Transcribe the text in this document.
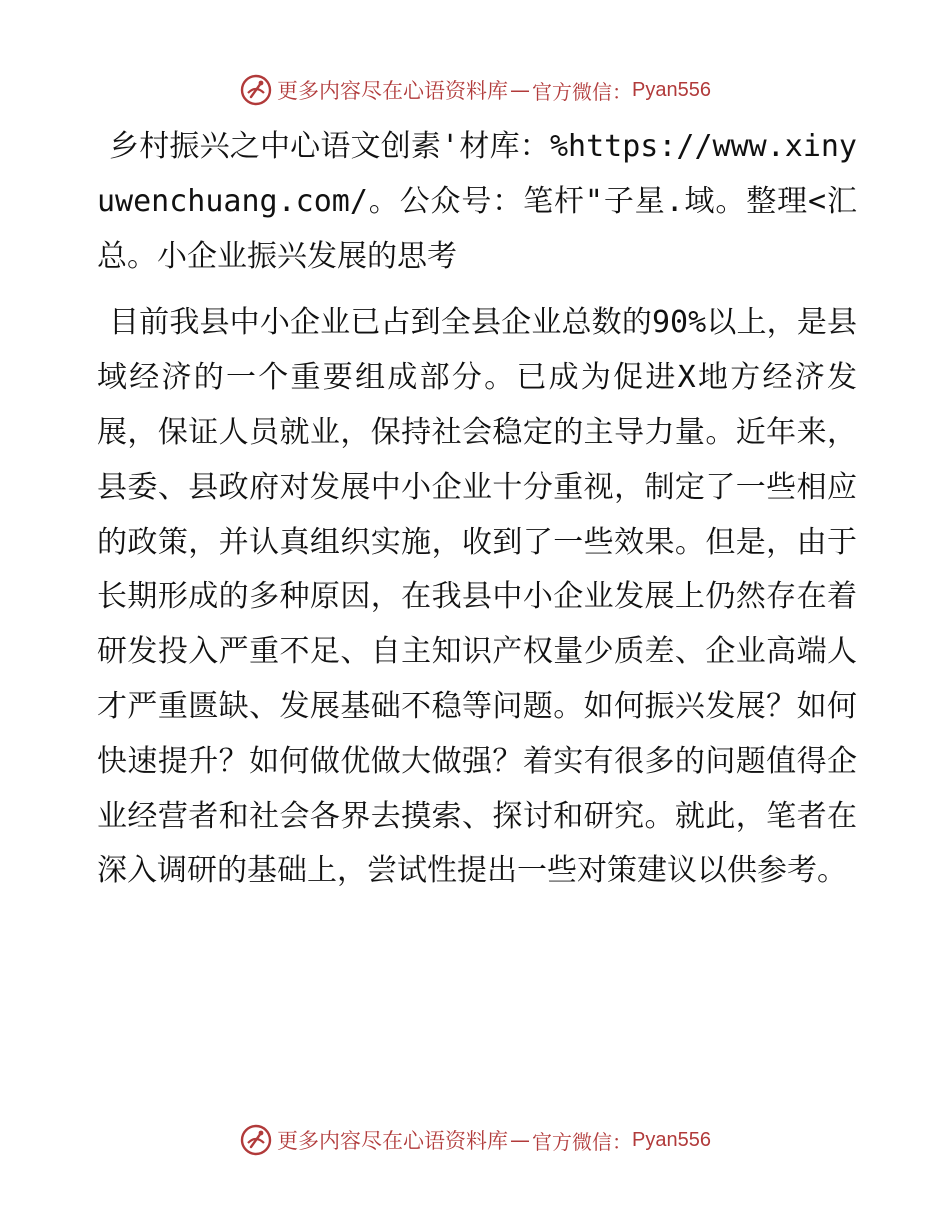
更多内容尽在心语资料库 — 官方微信： Pyan556

乡村振兴之中心语文创素'材库：%https://www.xinyuwenchuang.com/。公众号：笔杆"子星.域。整理<汇总。小企业振兴发展的思考

目前我县中小企业已占到全县企业总数的90%以上，是县域经济的一个重要组成部分。已成为促进X地方经济发展，保证人员就业，保持社会稳定的主导力量。近年来，县委、县政府对发展中小企业十分重视，制定了一些相应的政策，并认真组织实施，收到了一些效果。但是，由于长期形成的多种原因，在我县中小企业发展上仍然存在着研发投入严重不足、自主知识产权量少质差、企业高端人才严重匮缺、发展基础不稳等问题。如何振兴发展？如何快速提升？如何做优做大做强？着实有很多的问题值得企业经营者和社会各界去摸索、探讨和研究。就此，笔者在深入调研的基础上，尝试性提出一些对策建议以供参考。

更多内容尽在心语资料库 — 官方微信： Pyan556
